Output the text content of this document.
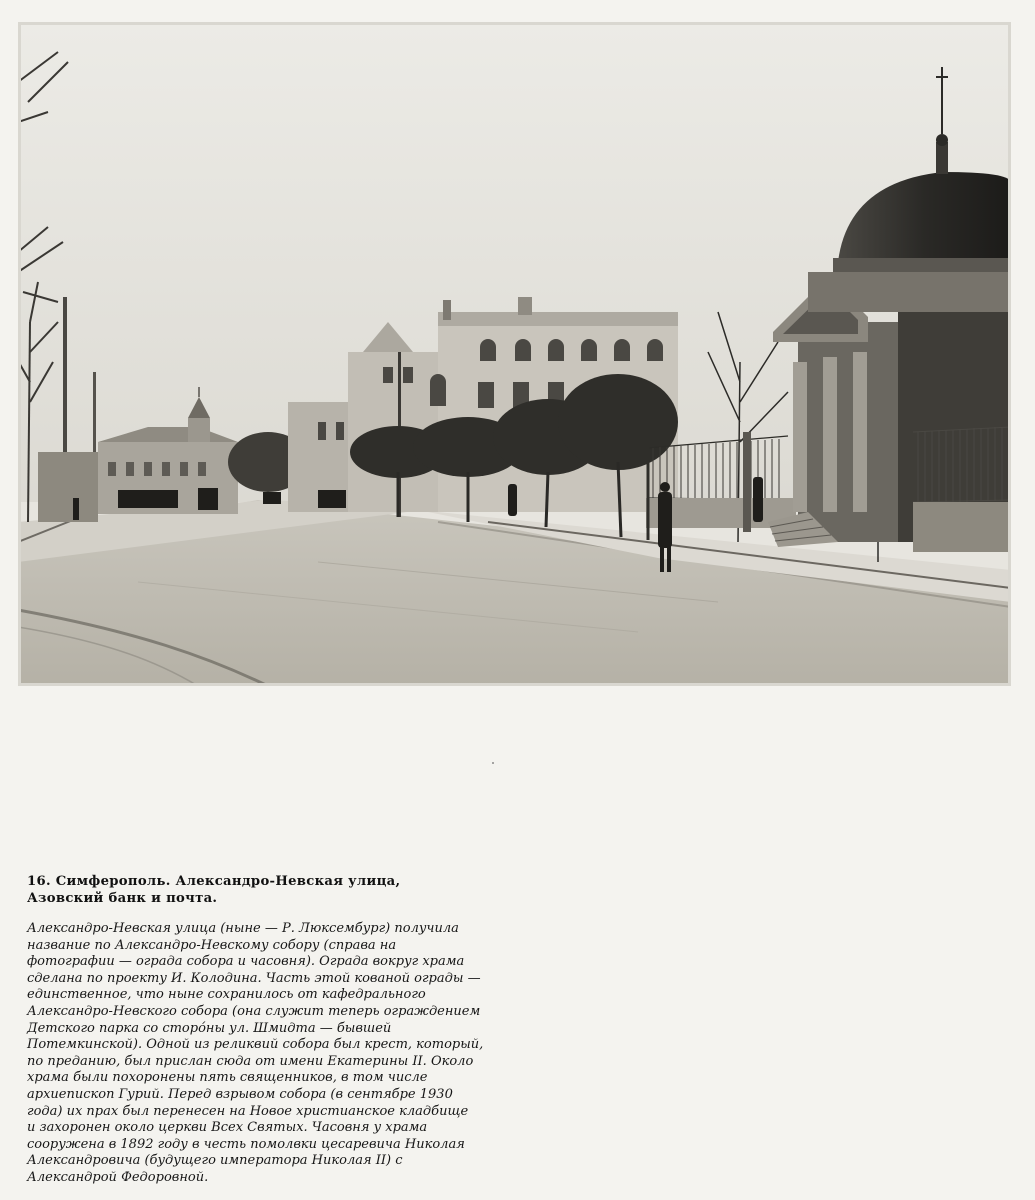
16. Симферополь. Александро-Невская улица,
Азовский банк и почта.

Александро-Невская улица (ныне — Р. Люксембург) получила
название по Александро-Невскому собору (справа на
фотографии — ограда собора и часовня). Ограда вокруг храма
сделана по проекту И. Колодина. Часть этой кованой ограды —
единственное, что ныне сохранилось от кафедрального
Александро-Невского собора (она служит теперь ограждением
Детского парка со сторо́ны ул. Шмидта — бывшей
Потемкинской). Одной из реликвий собора был крест, который,
по преданию, был прислан сюда от имени Екатерины II. Около
храма были похоронены пять священников, в том числе
архиепископ Гурий. Перед взрывом собора (в сентябре 1930
года) их прах был перенесен на Новое христианское кладбище
и захоронен около церкви Всех Святых. Часовня у храма
сооружена в 1892 году в честь помолвки цесаревича Николая
Александровича (будущего императора Николая II) с
Александрой Федоровной.
